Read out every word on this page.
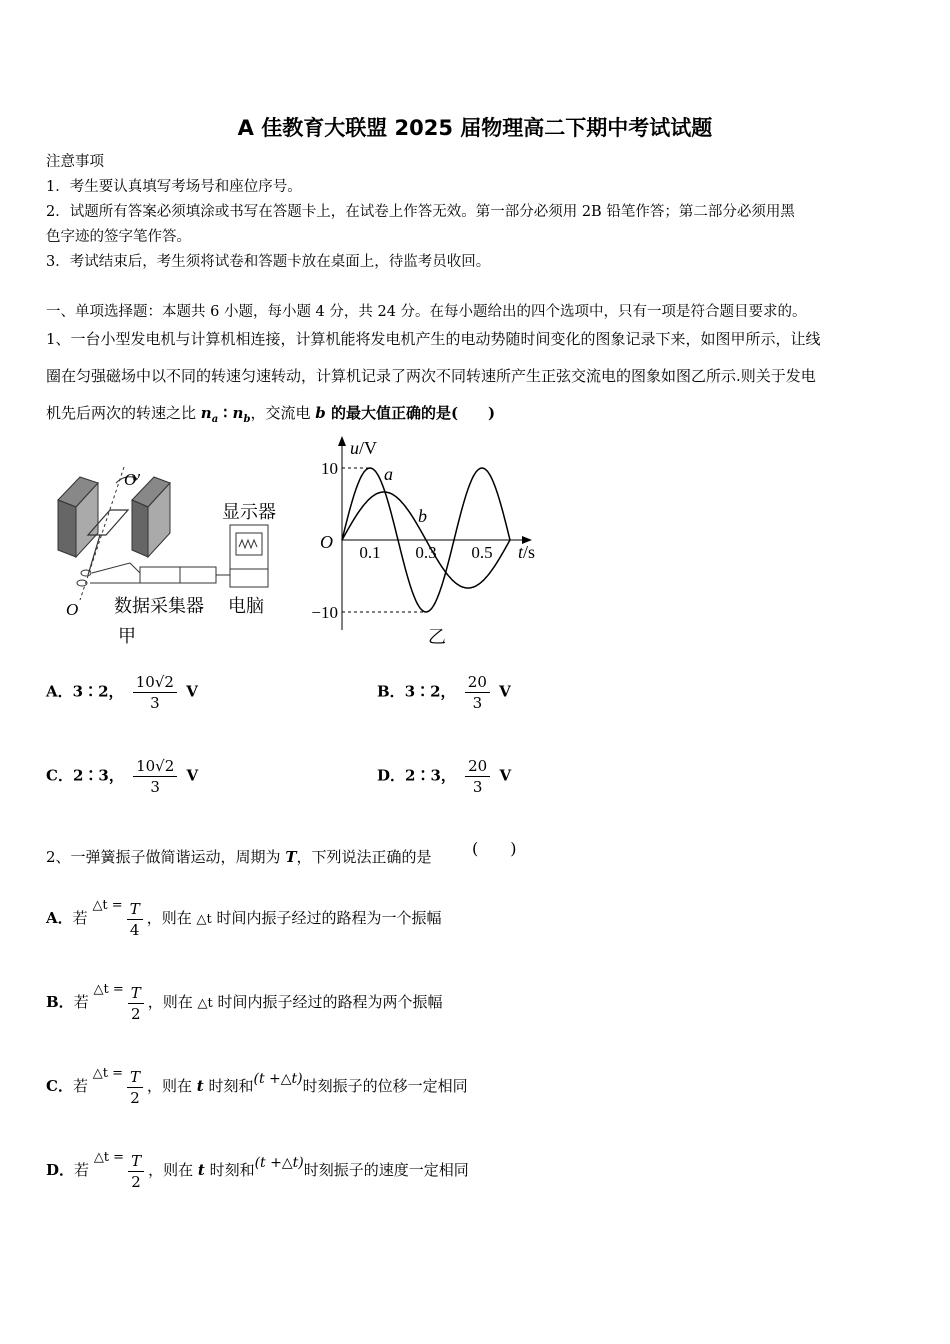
A 佳教育大联盟 2025 届物理高二下期中考试试题
注意事项
1．考生要认真填写考场号和座位序号。
2．试题所有答案必须填涂或书写在答题卡上，在试卷上作答无效。第一部分必须用 2B 铅笔作答；第二部分必须用黑
色字迹的签字笔作答。
3．考试结束后，考生须将试卷和答题卡放在桌面上，待监考员收回。
一、单项选择题：本题共 6 小题，每小题 4 分，共 24 分。在每小题给出的四个选项中，只有一项是符合题目要求的。
1、一台小型发电机与计算机相连接，计算机能将发电机产生的电动势随时间变化的图象记录下来，如图甲所示，让线
圈在匀强磁场中以不同的转速匀速转动，计算机记录了两次不同转速所产生正弦交流电的图象如图乙所示.则关于发电
机先后两次的转速之比 $n_a$ ∶ $n_b$，交流电 b 的最大值正确的是(　　)
O′
O
显示器
数据采集器 电脑
甲
u/V
t/s
O
10
−10
0.1 0.3 0.5
a
b
乙
A．3∶2， $\frac{10√2}{3}$ V	B．3∶2， $\frac{20}{3}$ V
C．2∶3， $\frac{10√2}{3}$ V	D．2∶3， $\frac{20}{3}$ V
2、一弹簧振子做简谐运动，周期为 T，下列说法正确的是	(　　)
A．若 △t = $\frac{T}{4}$ ，则在 △t 时间内振子经过的路程为一个振幅
B．若 △t = $\frac{T}{2}$ ，则在 △t 时间内振子经过的路程为两个振幅
C．若 △t = $\frac{T}{2}$ ，则在 t 时刻和(t +△t)时刻振子的位移一定相同
D．若 △t = $\frac{T}{2}$ ，则在 t 时刻和(t +△t)时刻振子的速度一定相同
